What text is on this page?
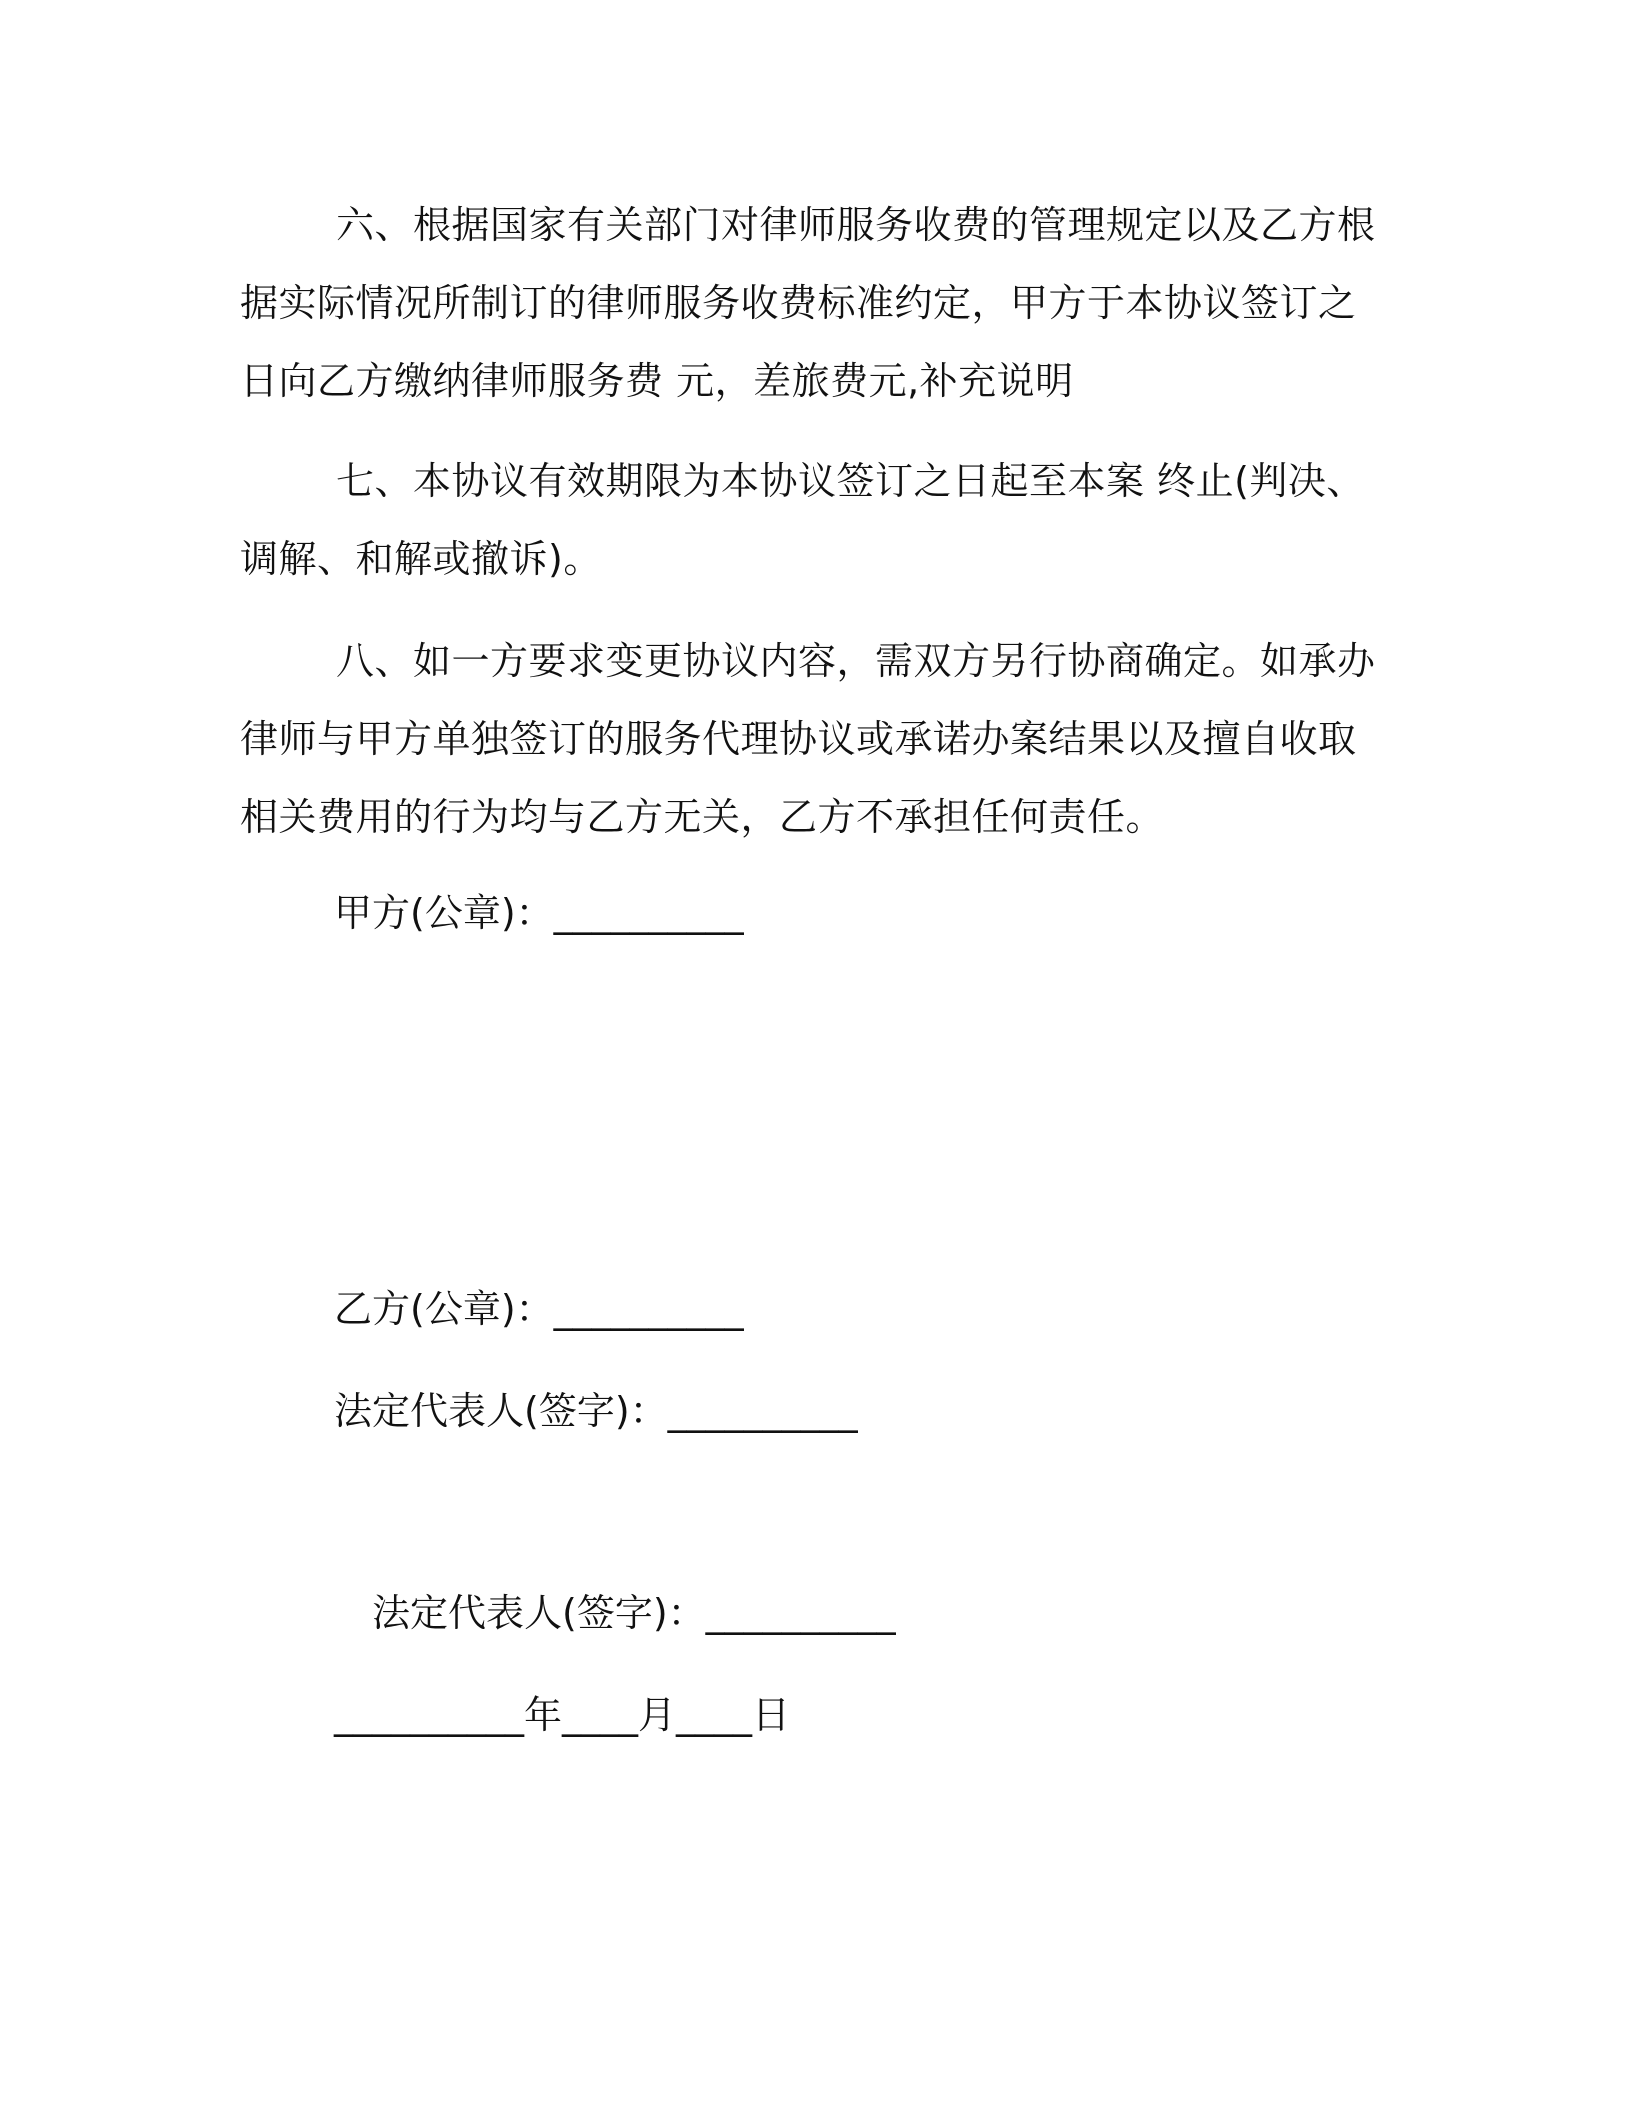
六、根据国家有关部门对律师服务收费的管理规定以及乙方根据实际情况所制订的律师服务收费标准约定，甲方于本协议签订之日向乙方缴纳律师服务费 元，差旅费元,补充说明

七、本协议有效期限为本协议签订之日起至本案 终止(判决、调解、和解或撤诉)。

八、如一方要求变更协议内容，需双方另行协商确定。如承办律师与甲方单独签订的服务代理协议或承诺办案结果以及擅自收取相关费用的行为均与乙方无关，乙方不承担任何责任。

甲方(公章)：__________

乙方(公章)：__________

法定代表人(签字)：__________

法定代表人(签字)：__________

__________年____月____日
